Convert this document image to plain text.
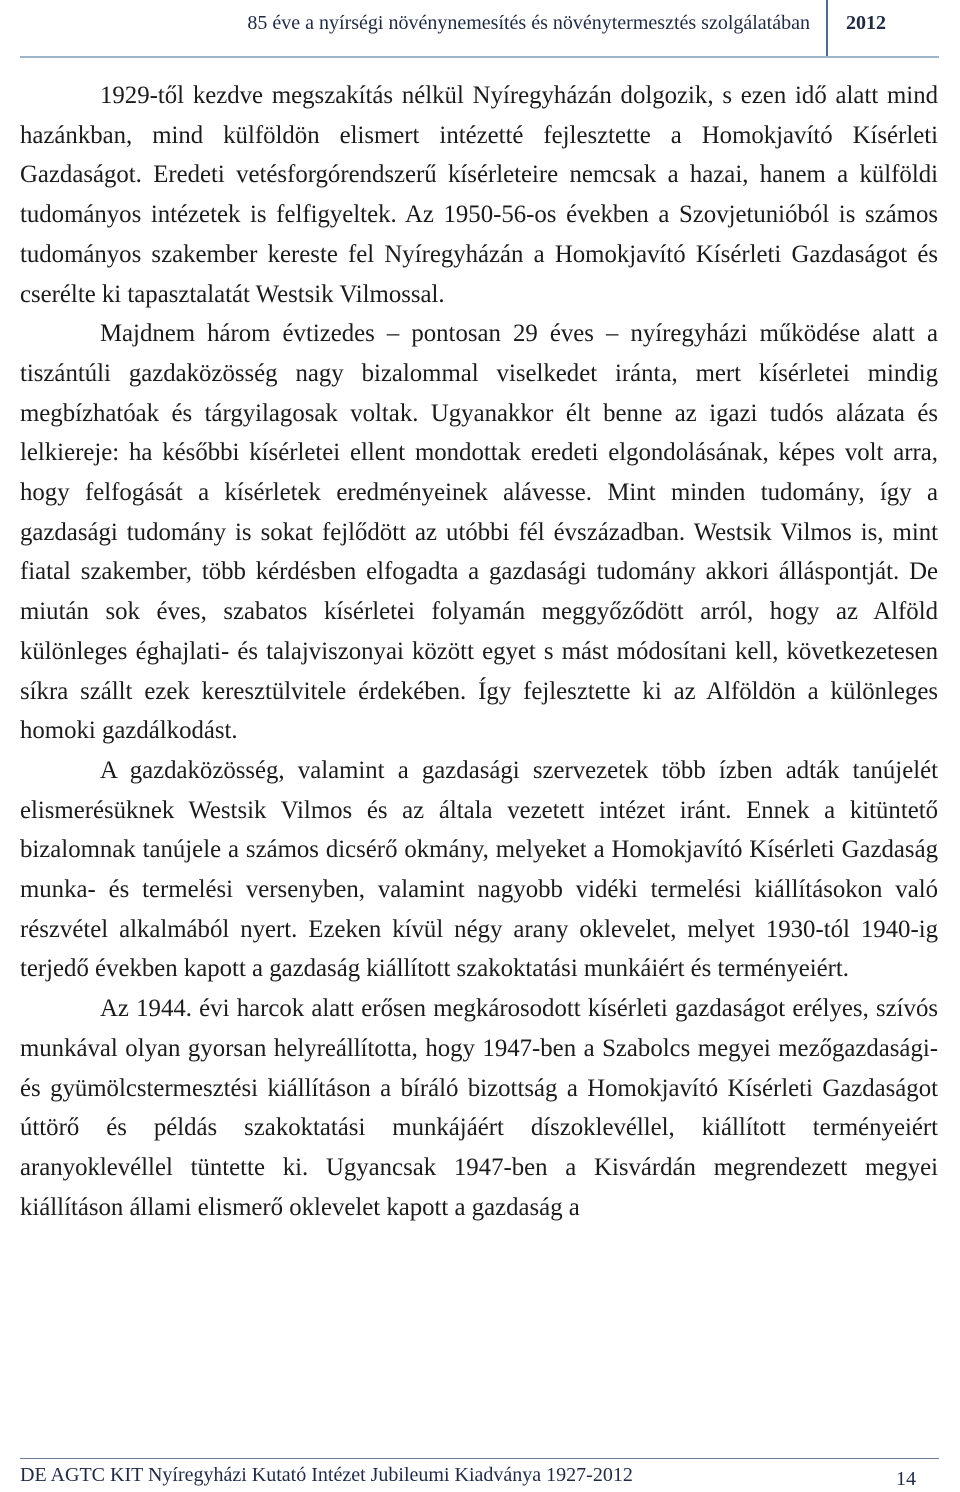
85 éve a nyírségi növénynemesítés és növénytermesztés szolgálatában 2012

1929-től kezdve megszakítás nélkül Nyíregyházán dolgozik, s ezen idő alatt mind hazánkban, mind külföldön elismert intézetté fejlesztette a Homokjavító Kísérleti Gazdaságot. Eredeti vetésforgórendszerű kísérleteire nemcsak a hazai, hanem a külföldi tudományos intézetek is felfigyeltek. Az 1950-56-os években a Szovjetunióból is számos tudományos szakember kereste fel Nyíregyházán a Homokjavító Kísérleti Gazdaságot és cserélte ki tapasztalatát Westsik Vilmossal.

Majdnem három évtizedes – pontosan 29 éves – nyíregyházi működése alatt a tiszántúli gazdaközösség nagy bizalommal viselkedet iránta, mert kísérletei mindig megbízhatóak és tárgyilagosak voltak. Ugyanakkor élt benne az igazi tudós alázata és lelkiereje: ha későbbi kísérletei ellent mondottak eredeti elgondolásának, képes volt arra, hogy felfogását a kísérletek eredményeinek alávesse. Mint minden tudomány, így a gazdasági tudomány is sokat fejlődött az utóbbi fél évszázadban. Westsik Vilmos is, mint fiatal szakember, több kérdésben elfogadta a gazdasági tudomány akkori álláspontját. De miután sok éves, szabatos kísérletei folyamán meggyőződött arról, hogy az Alföld különleges éghajlati- és talajviszonyai között egyet s mást módosítani kell, következetesen síkra szállt ezek keresztülvitele érdekében. Így fejlesztette ki az Alföldön a különleges homoki gazdálkodást.

A gazdaközösség, valamint a gazdasági szervezetek több ízben adták tanújelét elismerésüknek Westsik Vilmos és az általa vezetett intézet iránt. Ennek a kitüntető bizalomnak tanújele a számos dicsérő okmány, melyeket a Homokjavító Kísérleti Gazdaság munka- és termelési versenyben, valamint nagyobb vidéki termelési kiállításokon való részvétel alkalmából nyert. Ezeken kívül négy arany oklevelet, melyet 1930-tól 1940-ig terjedő években kapott a gazdaság kiállított szakoktatási munkáiért és terményeiért.

Az 1944. évi harcok alatt erősen megkárosodott kísérleti gazdaságot erélyes, szívós munkával olyan gyorsan helyreállította, hogy 1947-ben a Szabolcs megyei mezőgazdasági- és gyümölcstermesztési kiállításon a bíráló bizottság a Homokjavító Kísérleti Gazdaságot úttörő és példás szakoktatási munkájáért díszoklevéllel, kiállított terményeiért aranyoklevéllel tüntette ki. Ugyancsak 1947-ben a Kisvárdán megrendezett megyei kiállításon állami elismerő oklevelet kapott a gazdaság a

DE AGTC KIT Nyíregyházi Kutató Intézet Jubileumi Kiadványa 1927-2012	14
